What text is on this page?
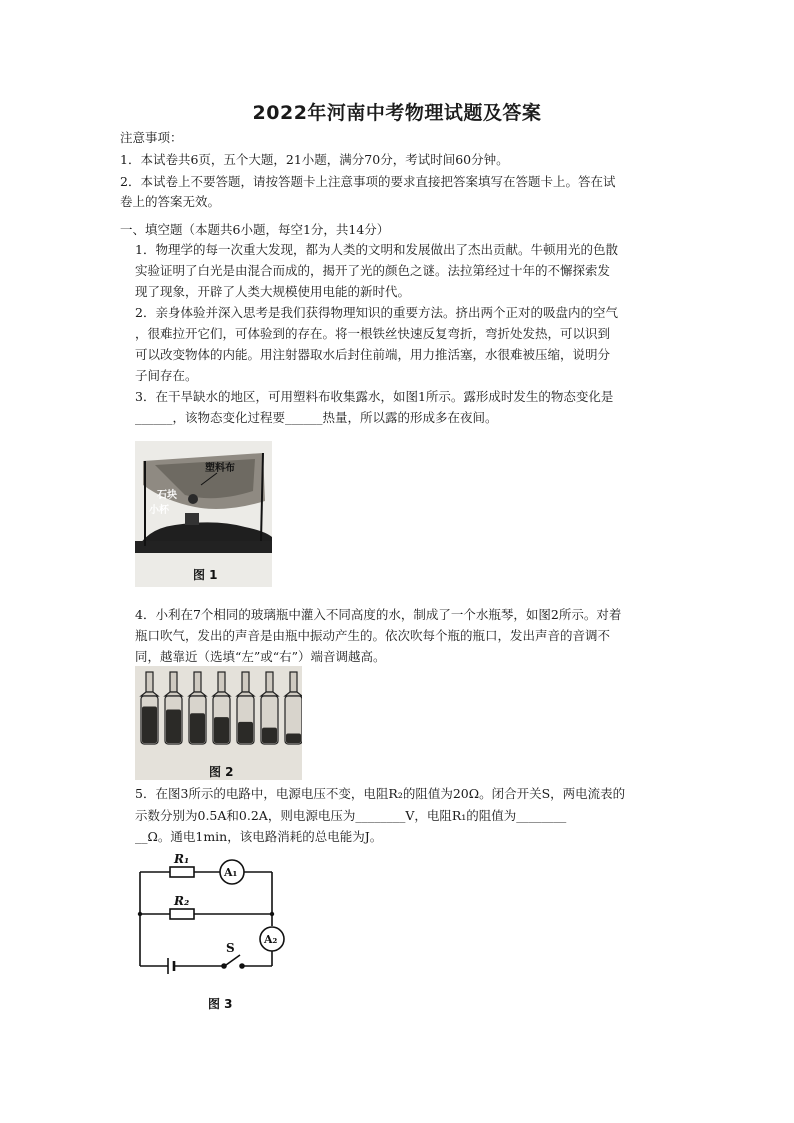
2022年河南中考物理试题及答案
注意事项：
1．本试卷共6页，五个大题，21小题，满分70分，考试时间60分钟。
2．本试卷上不要答题，请按答题卡上注意事项的要求直接把答案填写在答题卡上。答在试
卷上的答案无效。
一、填空题（本题共6小题，每空1分，共14分）
1．物理学的每一次重大发现，都为人类的文明和发展做出了杰出贡献。牛顿用光的色散
实验证明了白光是由混合而成的，揭开了光的颜色之谜。法拉第经过十年的不懈探索发
现了现象，开辟了人类大规模使用电能的新时代。
2．亲身体验并深入思考是我们获得物理知识的重要方法。挤出两个正对的吸盘内的空气
，很难拉开它们，可体验到的存在。将一根铁丝快速反复弯折，弯折处发热，可以识到
可以改变物体的内能。用注射器取水后封住前端，用力推活塞，水很难被压缩，说明分
子间存在。
3．在干旱缺水的地区，可用塑料布收集露水，如图1所示。露形成时发生的物态变化是
______，该物态变化过程要______热量，所以露的形成多在夜间。
塑料布
石块
小杯
图 1
4．小利在7个相同的玻璃瓶中灌入不同高度的水，制成了一个水瓶琴，如图2所示。对着
瓶口吹气，发出的声音是由瓶中振动产生的。依次吹每个瓶的瓶口，发出声音的音调不
同，越靠近（选填“左”或“右”）端音调越高。
图 2
5．在图3所示的电路中，电源电压不变，电阻R₂的阻值为20Ω。闭合开关S，两电流表的
示数分别为0.5A和0.2A，则电源电压为________V，电阻R₁的阻值为________
__Ω。通电1min，该电路消耗的总电能为J。
R₁
R₂
A₁
A₂
S
图 3
